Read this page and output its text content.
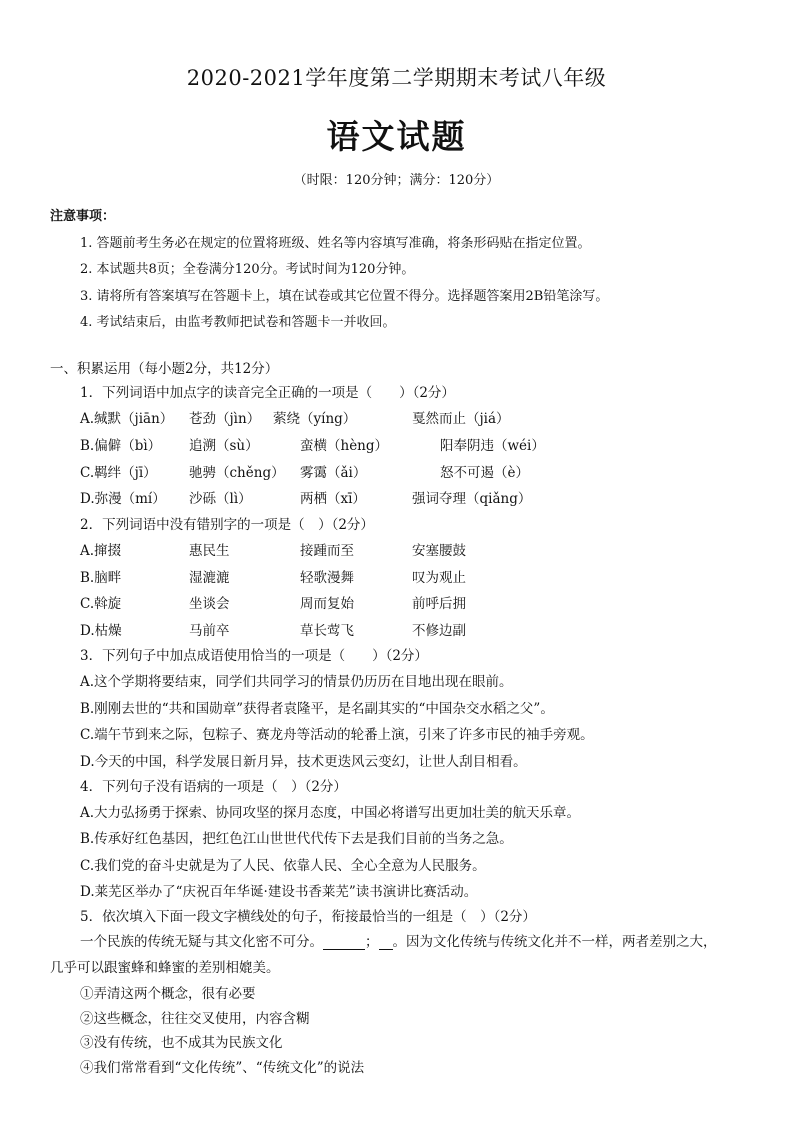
2020-2021学年度第二学期期末考试八年级
语文试题
（时限：120分钟；满分：120分）
注意事项：
1. 答题前考生务必在规定的位置将班级、姓名等内容填写准确，将条形码贴在指定位置。
2. 本试题共8页；全卷满分120分。考试时间为120分钟。
3. 请将所有答案填写在答题卡上，填在试卷或其它位置不得分。选择题答案用2B铅笔涂写。
4. 考试结束后，由监考教师把试卷和答题卡一并收回。
一、积累运用（每小题2分，共12分）
1．下列词语中加点字的读音完全正确的一项是（　　）（2分）
A.缄默（jiān） 苍劲（jìn） 萦绕（yíng）	戛然而止（jiá）
B.偏僻（bì） 追溯（sù）	蛮横（hèng）	阳奉阴违（wéi）
C.羁绊（jī） 驰骋（chěng） 雾霭（ǎi）	怒不可遏（è）
D.弥漫（mí） 沙砾（lì）	两栖（xī）	强词夺理（qiǎng）
2．下列词语中没有错别字的一项是（　）（2分）
A.撺掇	惠民生	接踵而至	安塞腰鼓
B.脑畔	湿漉漉	轻歌漫舞	叹为观止
C.斡旋	坐谈会	周而复始	前呼后拥
D.枯燥	马前卒	草长莺飞	不修边副
3．下列句子中加点成语使用恰当的一项是（　　）（2分）
A.这个学期将要结束，同学们共同学习的情景仍历历在目地出现在眼前。
B.刚刚去世的“共和国勋章”获得者袁隆平，是名副其实的“中国杂交水稻之父”。
C.端午节到来之际，包粽子、赛龙舟等活动的轮番上演，引来了许多市民的袖手旁观。
D.今天的中国，科学发展日新月异，技术更迭风云变幻，让世人刮目相看。
4．下列句子没有语病的一项是（　）（2分）
A.大力弘扬勇于探索、协同攻坚的探月态度，中国必将谱写出更加壮美的航天乐章。
B.传承好红色基因，把红色江山世世代代传下去是我们目前的当务之急。
C.我们党的奋斗史就是为了人民、依靠人民、全心全意为人民服务。
D.莱芜区举办了“庆祝百年华诞·建设书香莱芜”读书演讲比赛活动。
5．依次填入下面一段文字横线处的句子，衔接最恰当的一组是（　）（2分）
一个民族的传统无疑与其文化密不可分。	； 。因为文化传统与传统文化并不一样，两者差别之大，
几乎可以跟蜜蜂和蜂蜜的差别相媲美。
①弄清这两个概念，很有必要
②这些概念，往往交叉使用，内容含糊
③没有传统，也不成其为民族文化
④我们常常看到“文化传统”、“传统文化”的说法
